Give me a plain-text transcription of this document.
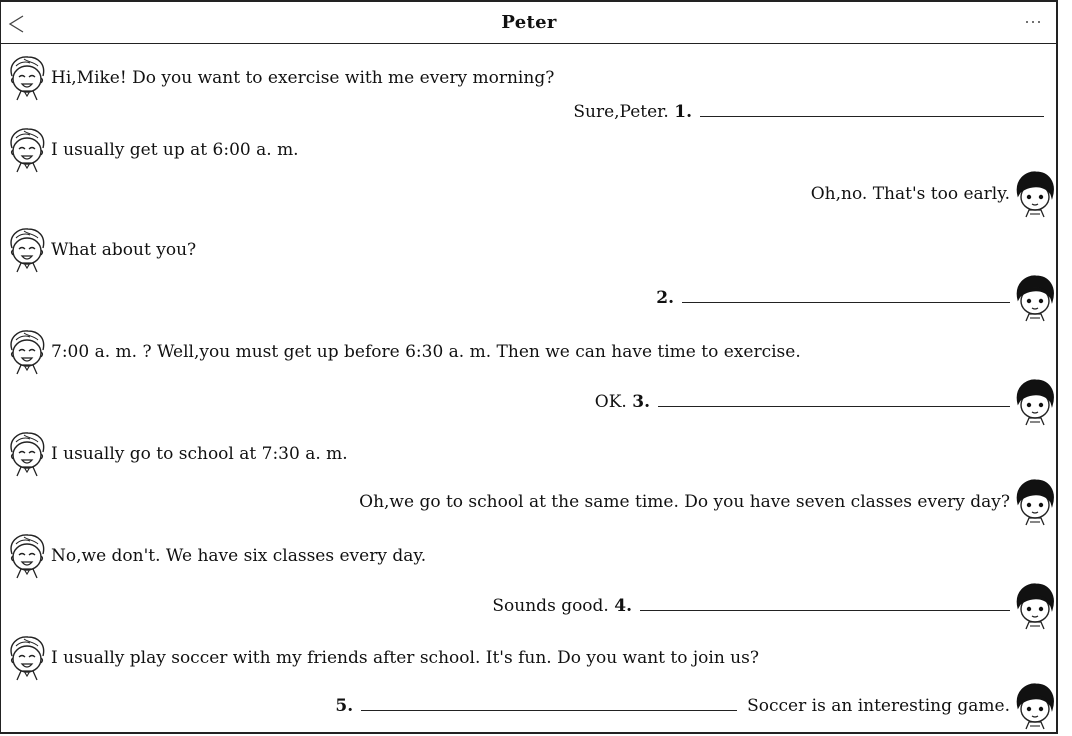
Peter
Hi,Mike! Do you want to exercise with me every morning?
Sure,Peter. 1.
I usually get up at 6:00 a. m.
Oh,no. That's too early.
What about you?
2.
7:00 a. m. ? Well,you must get up before 6:30 a. m. Then we can have time to exercise.
OK. 3.
I usually go to school at 7:30 a. m.
Oh,we go to school at the same time. Do you have seven classes every day?
No,we don't. We have six classes every day.
Sounds good. 4.
I usually play soccer with my friends after school. It's fun. Do you want to join us?
5.	Soccer is an interesting game.
